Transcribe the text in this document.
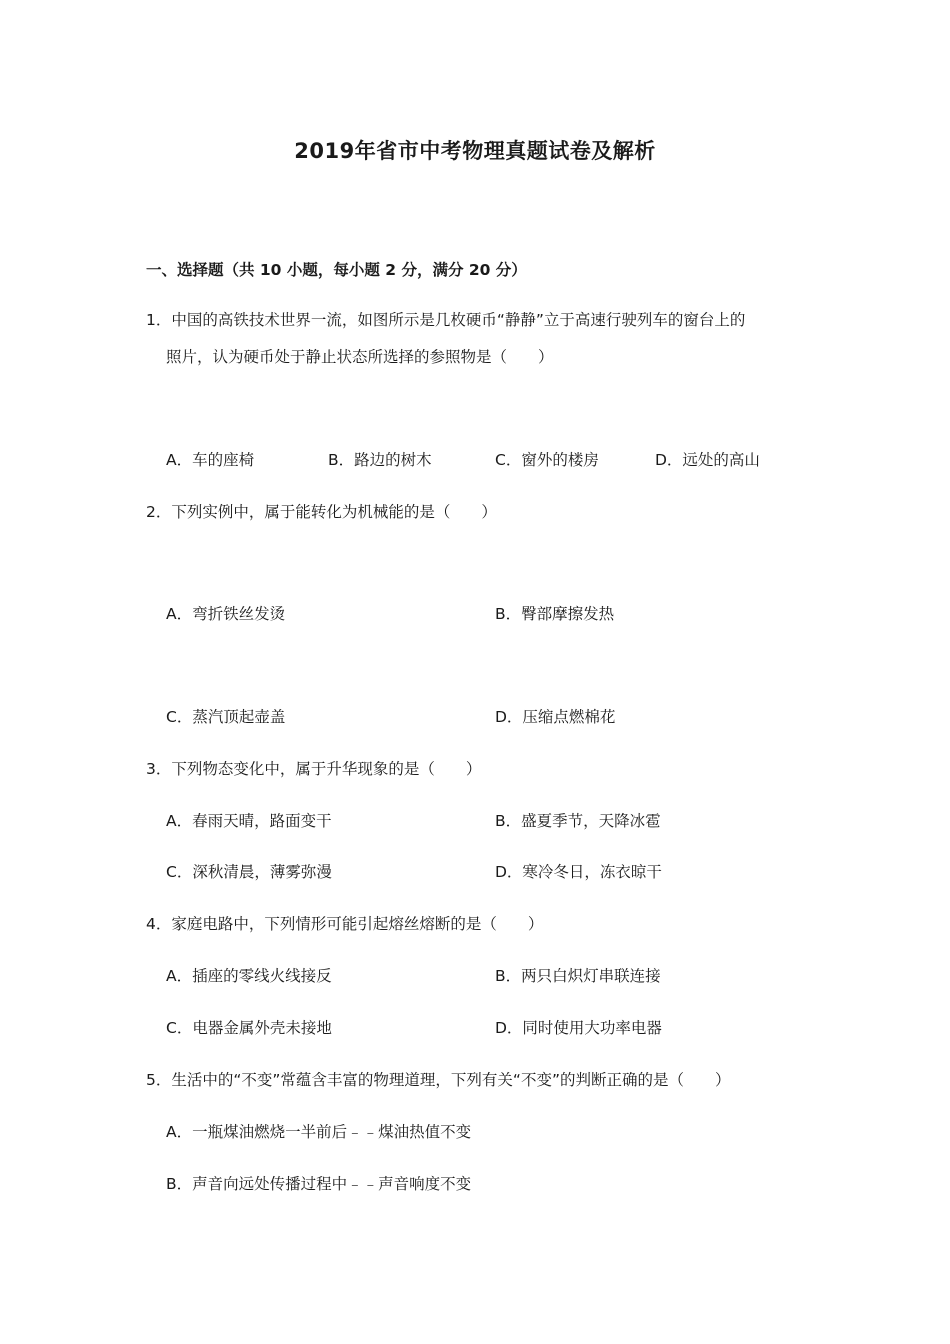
2019年省市中考物理真题试卷及解析
一、选择题（共 10 小题，每小题 2 分，满分 20 分）
1．中国的高铁技术世界一流，如图所示是几枚硬币“静静”立于高速行驶列车的窗台上的
照片，认为硬币处于静止状态所选择的参照物是（　　）
A．车的座椅	B．路边的树木	C．窗外的楼房	D．远处的高山
2．下列实例中，属于能转化为机械能的是（　　）
A．弯折铁丝发烫	B．臀部摩擦发热
C．蒸汽顶起壶盖	D．压缩点燃棉花
3．下列物态变化中，属于升华现象的是（　　）
A．春雨天晴，路面变干	B．盛夏季节，天降冰雹
C．深秋清晨，薄雾弥漫	D．寒冷冬日，冻衣晾干
4．家庭电路中，下列情形可能引起熔丝熔断的是（　　）
A．插座的零线火线接反	B．两只白炽灯串联连接
C．电器金属外壳未接地	D．同时使用大功率电器
5．生活中的“不变”常蕴含丰富的物理道理，下列有关“不变”的判断正确的是（　　）
A．一瓶煤油燃烧一半前后﹣﹣煤油热值不变
B．声音向远处传播过程中﹣﹣声音响度不变
